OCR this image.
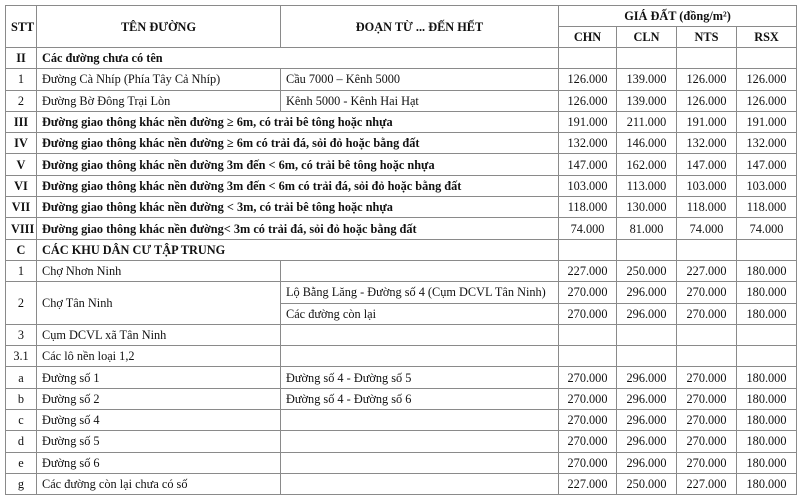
STT	TÊN ĐƯỜNG	ĐOẠN TỪ ... ĐẾN HẾT	GIÁ ĐẤT (đồng/m²)			
			CHN	CLN	NTS	RSX
II	Các đường chưa có tên					
1	Đường Cà Nhíp (Phía Tây Cả Nhíp)	Cầu 7000 – Kênh 5000	126.000	139.000	126.000	126.000
2	Đường Bờ Đông Trại Lòn	Kênh 5000 - Kênh Hai Hạt	126.000	139.000	126.000	126.000
III	Đường giao thông khác nền đường ≥ 6m, có trải bê tông hoặc nhựa		191.000	211.000	191.000	191.000
IV	Đường giao thông khác nền đường ≥ 6m có trải đá, sỏi đỏ hoặc bằng đất		132.000	146.000	132.000	132.000
V	Đường giao thông khác nền đường 3m đến < 6m, có trải bê tông hoặc nhựa		147.000	162.000	147.000	147.000
VI	Đường giao thông khác nền đường 3m đến < 6m có trải đá, sỏi đỏ hoặc bằng đất		103.000	113.000	103.000	103.000
VII	Đường giao thông khác nền đường < 3m, có trải bê tông hoặc nhựa		118.000	130.000	118.000	118.000
VIII	Đường giao thông khác nền đường< 3m có trải đá, sỏi đỏ hoặc bằng đất		74.000	81.000	74.000	74.000
C	CÁC KHU DÂN CƯ TẬP TRUNG					
1	Chợ Nhơn Ninh		227.000	250.000	227.000	180.000
2	Chợ Tân Ninh	Lộ Bằng Lăng - Đường số 4 (Cụm DCVL Tân Ninh)	270.000	296.000	270.000	180.000
		Các đường còn lại	270.000	296.000	270.000	180.000
3	Cụm DCVL xã Tân Ninh					
3.1	Các lô nền loại 1,2					
a	Đường số 1	Đường số 4 - Đường số 5	270.000	296.000	270.000	180.000
b	Đường số 2	Đường số 4 - Đường số 6	270.000	296.000	270.000	180.000
c	Đường số 4		270.000	296.000	270.000	180.000
d	Đường số 5		270.000	296.000	270.000	180.000
e	Đường số 6		270.000	296.000	270.000	180.000
g	Các đường còn lại chưa có số		227.000	250.000	227.000	180.000
